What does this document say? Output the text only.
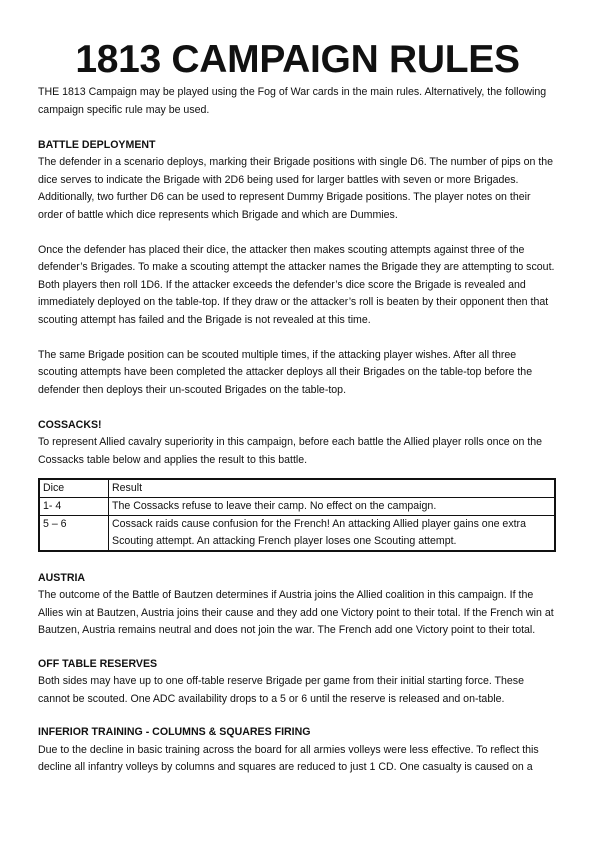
1813 CAMPAIGN RULES

THE 1813 Campaign may be played using the Fog of War cards in the main rules. Alternatively, the following campaign specific rule may be used.

BATTLE DEPLOYMENT

The defender in a scenario deploys, marking their Brigade positions with single D6. The number of pips on the dice serves to indicate the Brigade with 2D6 being used for larger battles with seven or more Brigades. Additionally, two further D6 can be used to represent Dummy Brigade positions. The player notes on their order of battle which dice represents which Brigade and which are Dummies.

Once the defender has placed their dice, the attacker then makes scouting attempts against three of the defender’s Brigades. To make a scouting attempt the attacker names the Brigade they are attempting to scout. Both players then roll 1D6. If the attacker exceeds the defender’s dice score the Brigade is revealed and immediately deployed on the table-top. If they draw or the attacker’s roll is beaten by their opponent then that scouting attempt has failed and the Brigade is not revealed at this time.

The same Brigade position can be scouted multiple times, if the attacking player wishes. After all three scouting attempts have been completed the attacker deploys all their Brigades on the table-top before the defender then deploys their un-scouted Brigades on the table-top.

COSSACKS!

To represent Allied cavalry superiority in this campaign, before each battle the Allied player rolls once on the Cossacks table below and applies the result to this battle.

Dice	Result
1- 4	The Cossacks refuse to leave their camp. No effect on the campaign.
5 – 6	Cossack raids cause confusion for the French! An attacking Allied player gains one extra Scouting attempt. An attacking French player loses one Scouting attempt.
AUSTRIA

The outcome of the Battle of Bautzen determines if Austria joins the Allied coalition in this campaign. If the Allies win at Bautzen, Austria joins their cause and they add one Victory point to their total. If the French win at Bautzen, Austria remains neutral and does not join the war. The French add one Victory point to their total.

OFF TABLE RESERVES

Both sides may have up to one off-table reserve Brigade per game from their initial starting force. These cannot be scouted. One ADC availability drops to a 5 or 6 until the reserve is released and on-table.

INFERIOR TRAINING - COLUMNS & SQUARES FIRING

Due to the decline in basic training across the board for all armies volleys were less effective. To reflect this decline all infantry volleys by columns and squares are reduced to just 1 CD. One casualty is caused on a
